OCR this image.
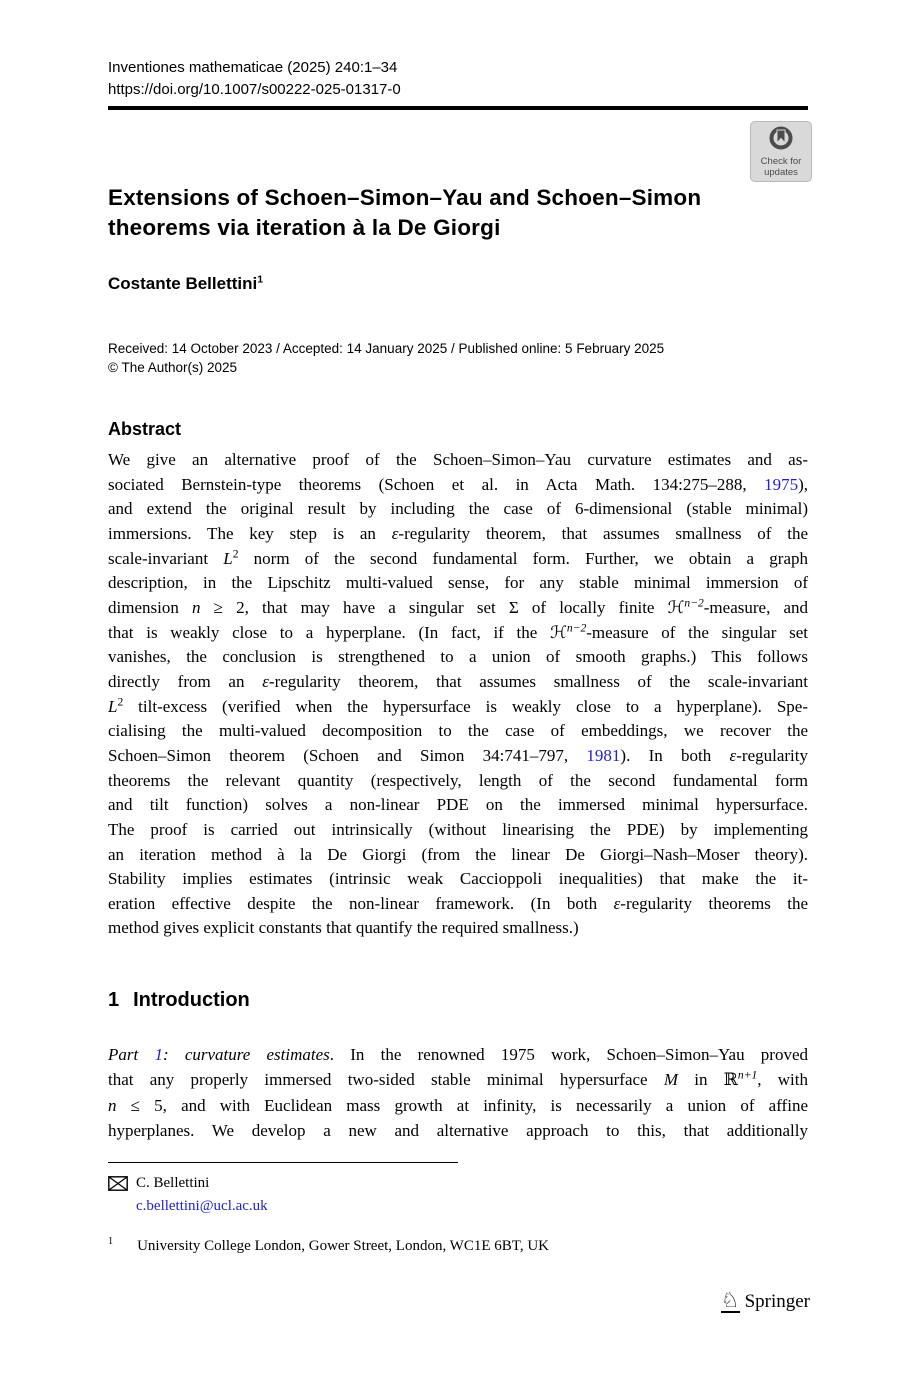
Inventiones mathematicae (2025) 240:1–34
https://doi.org/10.1007/s00222-025-01317-0
Check for
updates
Extensions of Schoen–Simon–Yau and Schoen–Simon
theorems via iteration à la De Giorgi
Costante Bellettini$^1$
Received: 14 October 2023 / Accepted: 14 January 2025 / Published online: 5 February 2025
© The Author(s) 2025
Abstract
We give an alternative proof of the Schoen–Simon–Yau curvature estimates and as-
sociated Bernstein-type theorems (Schoen et al. in Acta Math. 134:275–288, 1975),
and extend the original result by including the case of 6-dimensional (stable minimal)
immersions. The key step is an ε-regularity theorem, that assumes smallness of the
scale-invariant $L^2$ norm of the second fundamental form. Further, we obtain a graph
description, in the Lipschitz multi-valued sense, for any stable minimal immersion of
dimension n ≥ 2, that may have a singular set Σ of locally finite ℋ$^{n-2}$-measure, and
that is weakly close to a hyperplane. (In fact, if the ℋ$^{n-2}$-measure of the singular set
vanishes, the conclusion is strengthened to a union of smooth graphs.) This follows
directly from an ε-regularity theorem, that assumes smallness of the scale-invariant
$L^2$ tilt-excess (verified when the hypersurface is weakly close to a hyperplane). Spe-
cialising the multi-valued decomposition to the case of embeddings, we recover the
Schoen–Simon theorem (Schoen and Simon 34:741–797, 1981). In both ε-regularity
theorems the relevant quantity (respectively, length of the second fundamental form
and tilt function) solves a non-linear PDE on the immersed minimal hypersurface.
The proof is carried out intrinsically (without linearising the PDE) by implementing
an iteration method à la De Giorgi (from the linear De Giorgi–Nash–Moser theory).
Stability implies estimates (intrinsic weak Caccioppoli inequalities) that make the it-
eration effective despite the non-linear framework. (In both ε-regularity theorems the
method gives explicit constants that quantify the required smallness.)
1 Introduction
Part 1: curvature estimates. In the renowned 1975 work, Schoen–Simon–Yau proved
that any properly immersed two-sided stable minimal hypersurface M in ℝ$^{n+1}$, with
n ≤ 5, and with Euclidean mass growth at infinity, is necessarily a union of affine
hyperplanes. We develop a new and alternative approach to this, that additionally
C. Bellettini
c.bellettini@ucl.ac.uk
$^1$ University College London, Gower Street, London, WC1E 6BT, UK
♘ Springer
